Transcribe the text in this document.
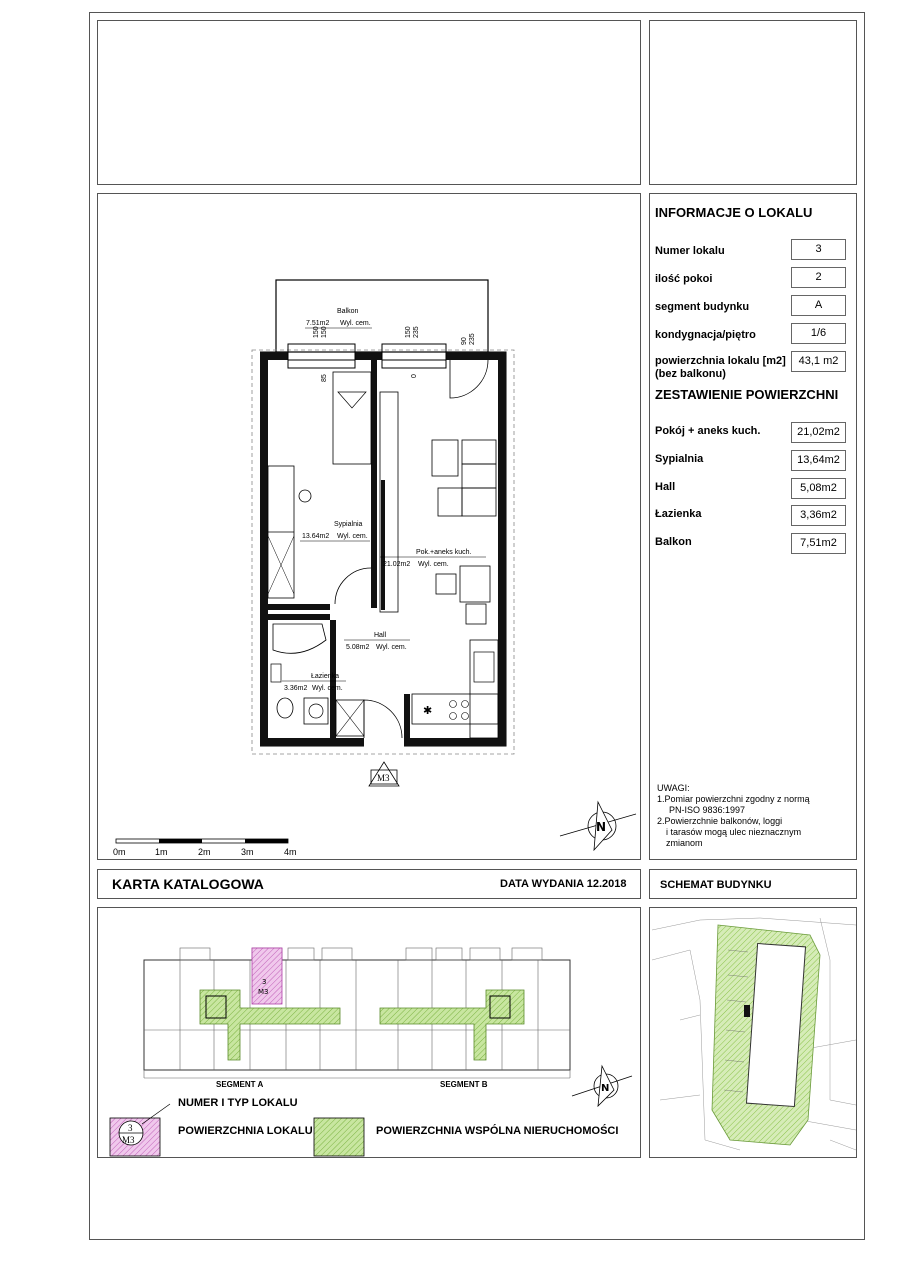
INFORMACJE O LOKALU
Numer lokalu	3
ilość pokoi	2
segment budynku	A
kondygnacja/piętro	1/6
powierzchnia lokalu [m2]
(bez balkonu)
43,1 m2
ZESTAWIENIE POWIERZCHNI
Pokój + aneks kuch.	21,02m2
Sypialnia	13,64m2
Hall	5,08m2
Łazienka	3,36m2
Balkon	7,51m2
UWAGI:
1.Pomiar powierzchni zgodny z normą
PN-ISO 9836:1997
2.Powierzchnie balkonów, loggi
i tarasów mogą ulec nieznacznym
zmianom
✱
Balkon
7.51m2 Wyl. cem.
Sypialnia
13.64m2 Wyl. cem.
Pok.+aneks kuch.
21.02m2 Wyl. cem.
Hall
5.08m2 Wyl. cem.
Łazienka
3.36m2 Wyl. cem.
150 150	150 235
90 235
85	0
M3
N
0m	1m	2m	3m	4m
KARTA KATALOGOWA	DATA WYDANIA 12.2018	SCHEMAT BUDYNKU
3
M3
SEGMENT A	SEGMENT B	N
3
M3
NUMER I TYP LOKALU
POWIERZCHNIA LOKALU	POWIERZCHNIA WSPÓLNA NIERUCHOMOŚCI
